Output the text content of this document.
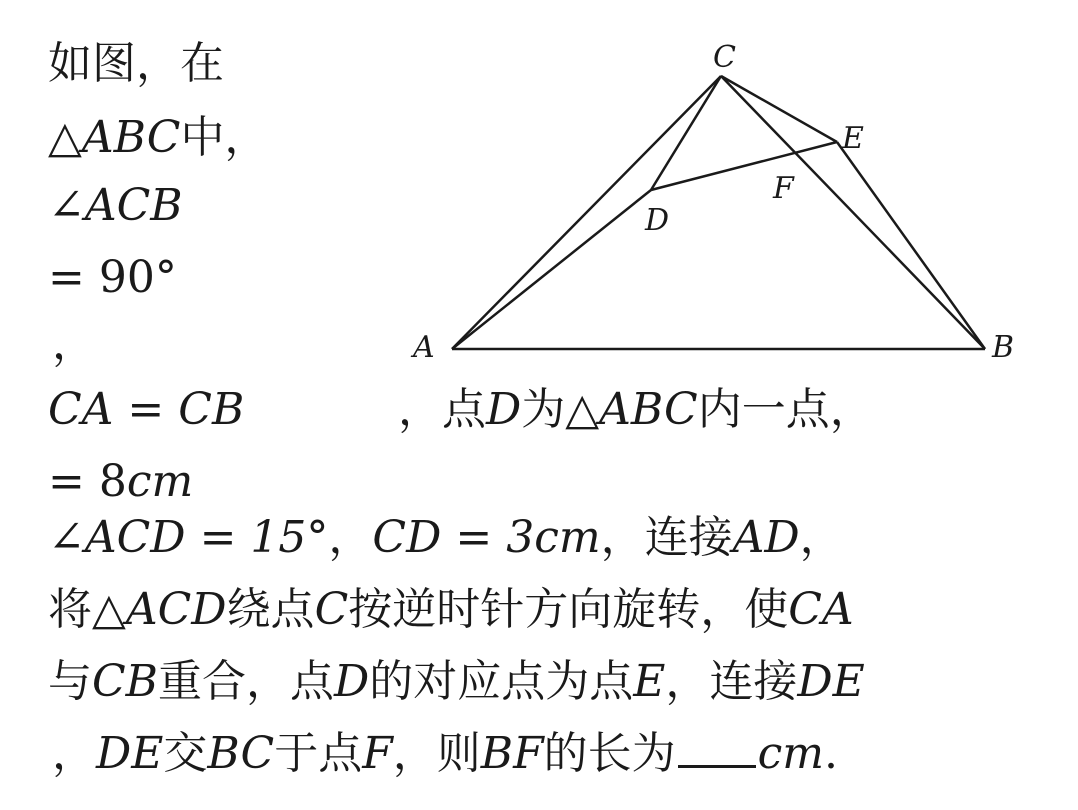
如图，在
△ABC中，
∠ACB
= 90°
，
CA = CB	，点D为△ABC内一点，
= 8cm
∠ACD = 15°，CD = 3cm，连接AD，
将△ACD绕点C按逆时针方向旋转，使CA
与CB重合，点D的对应点为点E，连接DE
，DE交BC于点F，则BF的长为 cm.
A	B
C
D
E
F
